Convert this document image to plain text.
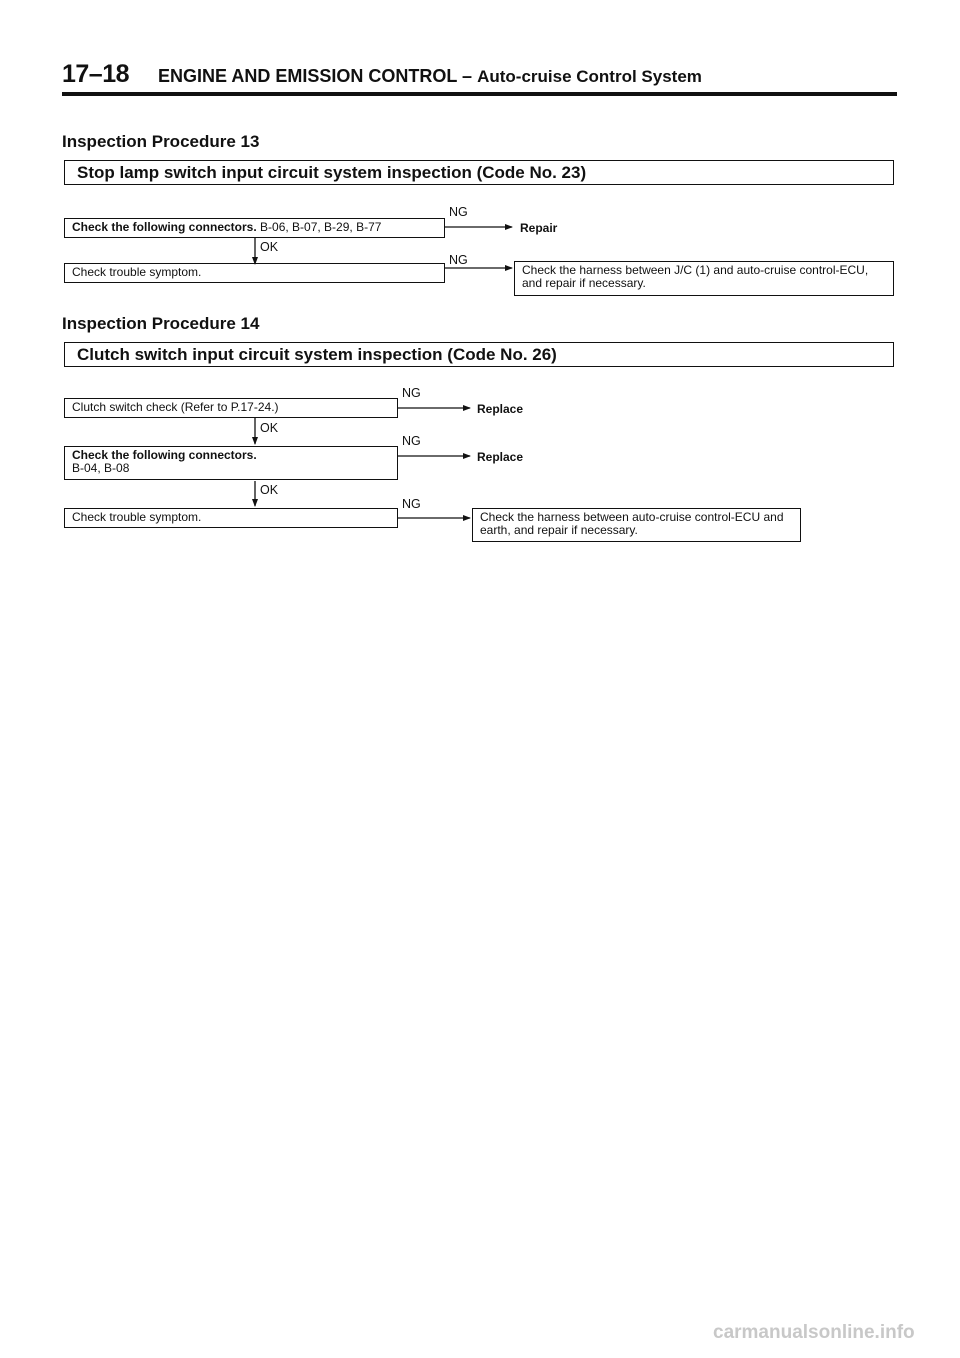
17–18 ENGINE AND EMISSION CONTROL – Auto-cruise Control System
Inspection Procedure 13
Stop lamp switch input circuit system inspection (Code No. 23)
Check the following connectors. B-06, B-07, B-29, B-77
NG
Repair
OK
Check trouble symptom.
NG
Check the harness between J/C (1) and auto-cruise control-ECU,
and repair if necessary.
Inspection Procedure 14
Clutch switch input circuit system inspection (Code No. 26)
Clutch switch check (Refer to P.17-24.)
NG
Replace
OK
Check the following connectors.
B-04, B-08
NG
Replace
OK
Check trouble symptom.
NG
Check the harness between auto-cruise control-ECU and
earth, and repair if necessary.
carmanualsonline.info
